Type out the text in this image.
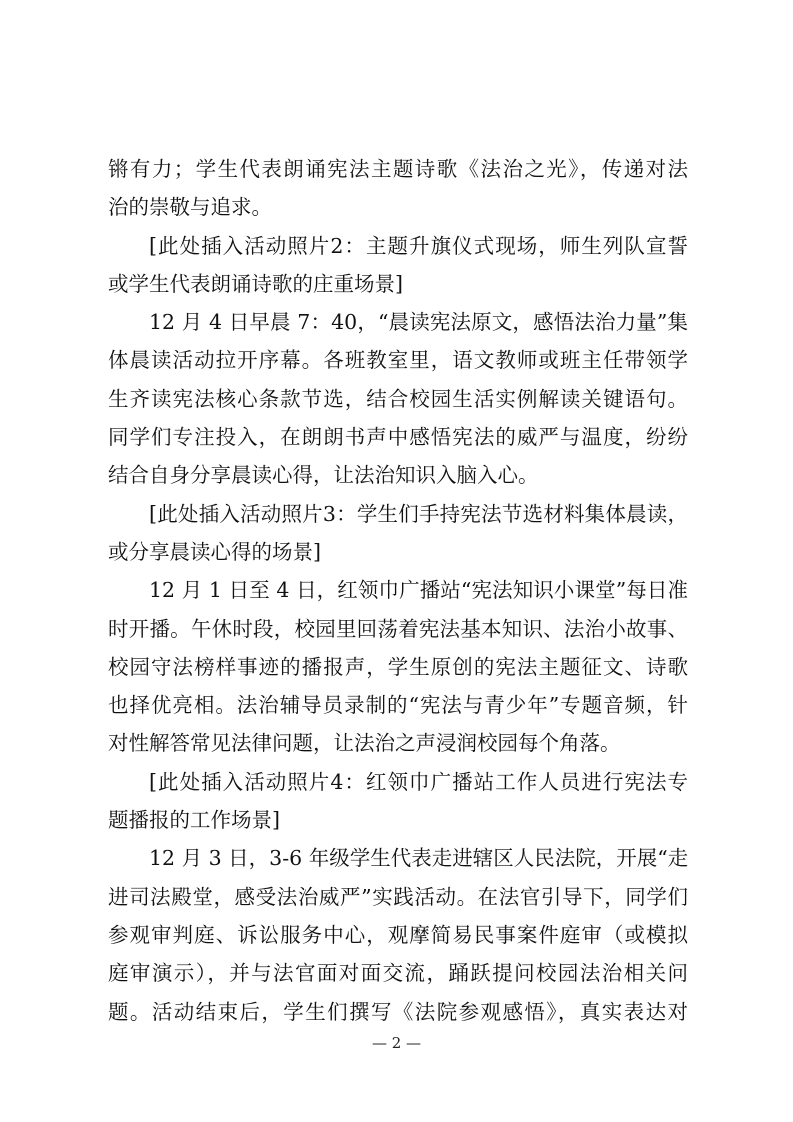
锵有力；学生代表朗诵宪法主题诗歌《法治之光》，传递对法
治的崇敬与追求。
[此处插入活动照片2：主题升旗仪式现场，师生列队宣誓
或学生代表朗诵诗歌的庄重场景]
12 月 4 日早晨 7：40，“晨读宪法原文，感悟法治力量”集
体晨读活动拉开序幕。各班教室里，语文教师或班主任带领学
生齐读宪法核心条款节选，结合校园生活实例解读关键语句。
同学们专注投入，在朗朗书声中感悟宪法的威严与温度，纷纷
结合自身分享晨读心得，让法治知识入脑入心。
[此处插入活动照片3：学生们手持宪法节选材料集体晨读，
或分享晨读心得的场景]
12 月 1 日至 4 日，红领巾广播站“宪法知识小课堂”每日准
时开播。午休时段，校园里回荡着宪法基本知识、法治小故事、
校园守法榜样事迹的播报声，学生原创的宪法主题征文、诗歌
也择优亮相。法治辅导员录制的“宪法与青少年”专题音频，针
对性解答常见法律问题，让法治之声浸润校园每个角落。
[此处插入活动照片4：红领巾广播站工作人员进行宪法专
题播报的工作场景]
12 月 3 日，3-6 年级学生代表走进辖区人民法院，开展“走
进司法殿堂，感受法治威严”实践活动。在法官引导下，同学们
参观审判庭、诉讼服务中心，观摩简易民事案件庭审（或模拟
庭审演示），并与法官面对面交流，踊跃提问校园法治相关问
题。活动结束后，学生们撰写《法院参观感悟》，真实表达对
— 2 —
